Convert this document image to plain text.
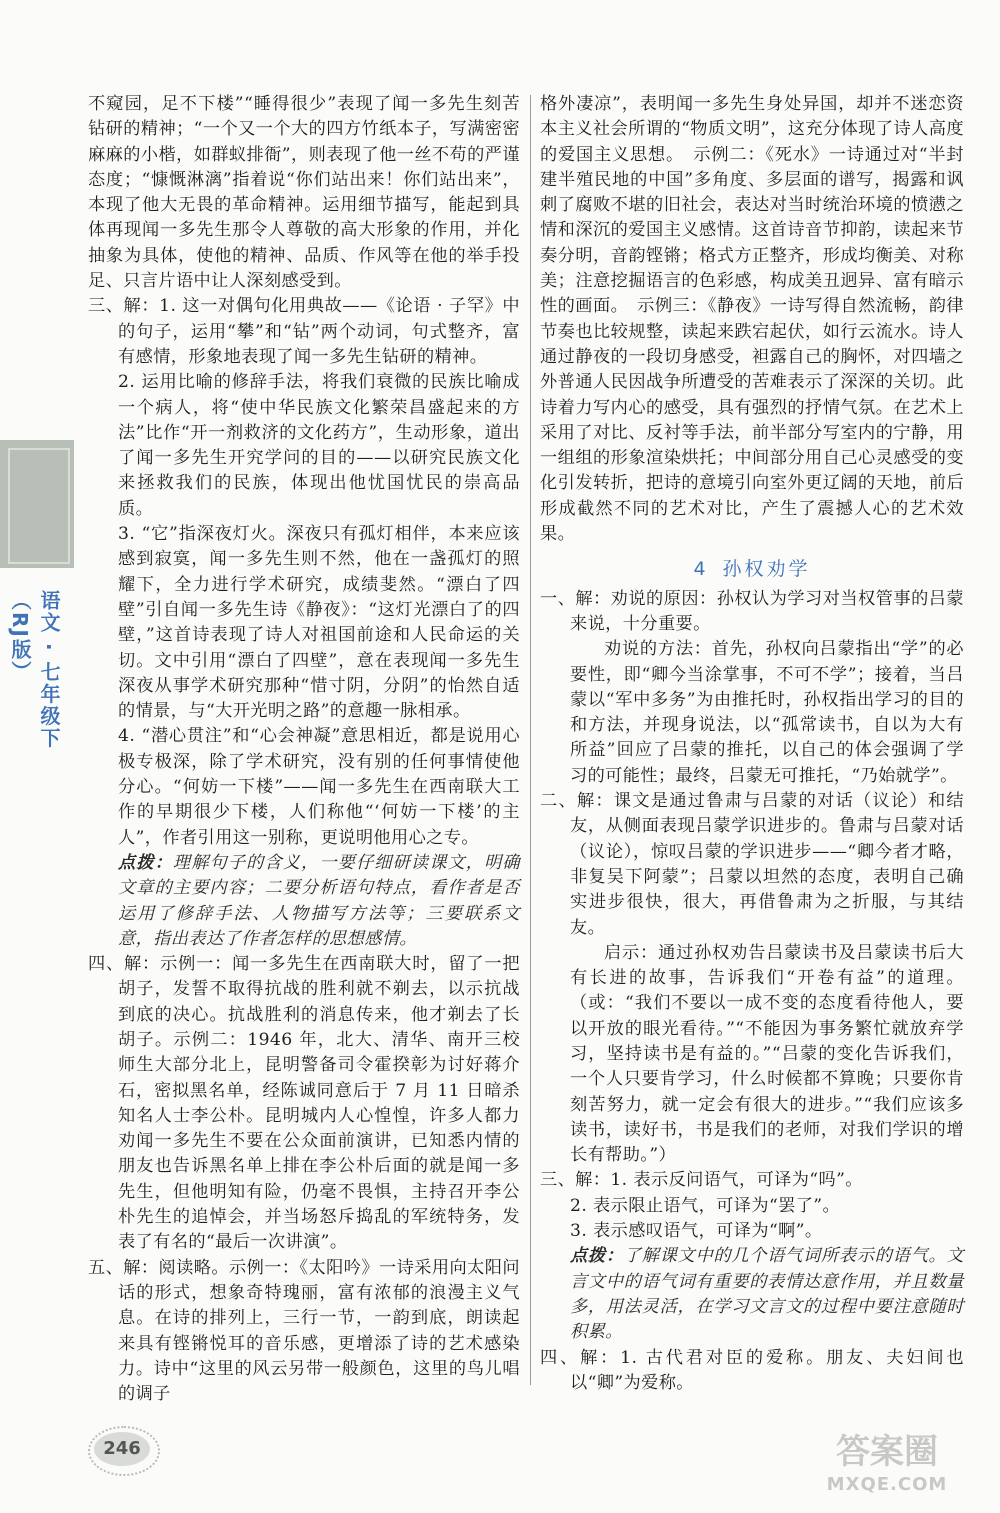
语文 · 七年级下（RJ版）

不窥园，足不下楼”“睡得很少”表现了闻一多先生刻苦钻研的精神；“一个又一个大的四方竹纸本子，写满密密麻麻的小楷，如群蚁排衙”，则表现了他一丝不苟的严谨态度；“慷慨淋漓”指着说“你们站出来！你们站出来”，本现了他大无畏的革命精神。运用细节描写，能起到具体再现闻一多先生那令人尊敬的高大形象的作用，并化抽象为具体，使他的精神、品质、作风等在他的举手投足、只言片语中让人深刻感受到。

三、解：1. 这一对偶句化用典故——《论语 · 子罕》中的句子，运用“攀”和“钻”两个动词，句式整齐，富有感情，形象地表现了闻一多先生钻研的精神。

2. 运用比喻的修辞手法，将我们衰微的民族比喻成一个病人，将“使中华民族文化繁荣昌盛起来的方法”比作“开一剂救济的文化药方”，生动形象，道出了闻一多先生开究学问的目的——以研究民族文化来拯救我们的民族，体现出他忧国忧民的崇高品质。

3. “它”指深夜灯火。深夜只有孤灯相伴，本来应该感到寂寞，闻一多先生则不然，他在一盏孤灯的照耀下，全力进行学术研究，成绩斐然。“漂白了四壁”引自闻一多先生诗《静夜》：“这灯光漂白了的四壁，”这首诗表现了诗人对祖国前途和人民命运的关切。文中引用“漂白了四壁”，意在表现闻一多先生深夜从事学术研究那种“惜寸阴，分阴”的怡然自适的情景，与“大开光明之路”的意趣一脉相承。

4. “潜心贯注”和“心会神凝”意思相近，都是说用心极专极深，除了学术研究，没有别的任何事情使他分心。“何妨一下楼”——闻一多先生在西南联大工作的早期很少下楼，人们称他“‘何妨一下楼’的主人”，作者引用这一别称，更说明他用心之专。

点拨：理解句子的含义，一要仔细研读课文，明确文章的主要内容；二要分析语句特点，看作者是否运用了修辞手法、人物描写方法等；三要联系文意，指出表达了作者怎样的思想感情。

四、解：示例一：闻一多先生在西南联大时，留了一把胡子，发誓不取得抗战的胜利就不剃去，以示抗战到底的决心。抗战胜利的消息传来，他才剃去了长胡子。示例二：1946 年，北大、清华、南开三校师生大部分北上，昆明警备司令霍揆彰为讨好蒋介石，密拟黑名单，经陈诚同意后于 7 月 11 日暗杀知名人士李公朴。昆明城内人心惶惶，许多人都力劝闻一多先生不要在公众面前演讲，已知悉内情的朋友也告诉黑名单上排在李公朴后面的就是闻一多先生，但他明知有险，仍毫不畏惧，主持召开李公朴先生的追悼会，并当场怒斥捣乱的军统特务，发表了有名的“最后一次讲演”。

五、解：阅读略。示例一：《太阳吟》一诗采用向太阳问话的形式，想象奇特瑰丽，富有浓郁的浪漫主义气息。在诗的排列上，三行一节，一韵到底，朗读起来具有铿锵悦耳的音乐感，更增添了诗的艺术感染力。诗中“这里的风云另带一般颜色，这里的鸟儿唱的调子

格外凄凉”，表明闻一多先生身处异国，却并不迷恋资本主义社会所谓的“物质文明”，这充分体现了诗人高度的爱国主义思想。　示例二：《死水》一诗通过对“半封建半殖民地的中国”多角度、多层面的谱写，揭露和讽刺了腐败不堪的旧社会，表达对当时统治环境的愤懑之情和深沉的爱国主义感情。这首诗音节抑韵，读起来节奏分明，音韵铿锵；格式方正整齐，形成均衡美、对称美；注意挖掘语言的色彩感，构成美丑迥异、富有暗示性的画面。　示例三：《静夜》一诗写得自然流畅，韵律节奏也比较规整，读起来跌宕起伏，如行云流水。诗人通过静夜的一段切身感受，袒露自己的胸怀，对四墙之外普通人民因战争所遭受的苦难表示了深深的关切。此诗着力写内心的感受，具有强烈的抒情气氛。在艺术上采用了对比、反衬等手法，前半部分写室内的宁静，用一组组的形象渲染烘托；中间部分用自己心灵感受的变化引发转折，把诗的意境引向室外更辽阔的天地，前后形成截然不同的艺术对比，产生了震撼人心的艺术效果。

4 孙权劝学

一、解：劝说的原因：孙权认为学习对当权管事的吕蒙来说，十分重要。

劝说的方法：首先，孙权向吕蒙指出“学”的必要性，即“卿今当涂掌事，不可不学”；接着，当吕蒙以“军中多务”为由推托时，孙权指出学习的目的和方法，并现身说法，以“孤常读书，自以为大有所益”回应了吕蒙的推托，以自己的体会强调了学习的可能性；最终，吕蒙无可推托，“乃始就学”。

二、解：课文是通过鲁肃与吕蒙的对话（议论）和结友，从侧面表现吕蒙学识进步的。鲁肃与吕蒙对话（议论），惊叹吕蒙的学识进步——“卿今者才略，非复吴下阿蒙”；吕蒙以坦然的态度，表明自己确实进步很快，很大，再借鲁肃为之折服，与其结友。

启示：通过孙权劝告吕蒙读书及吕蒙读书后大有长进的故事，告诉我们“开卷有益”的道理。（或：“我们不要以一成不变的态度看待他人，要以开放的眼光看待。”“不能因为事务繁忙就放弃学习，坚持读书是有益的。”“吕蒙的变化告诉我们，一个人只要肯学习，什么时候都不算晚；只要你肯刻苦努力，就一定会有很大的进步。”“我们应该多读书，读好书，书是我们的老师，对我们学识的增长有帮助。”）

三、解：1. 表示反问语气，可译为“吗”。

2. 表示限止语气，可译为“罢了”。

3. 表示感叹语气，可译为“啊”。

点拨：了解课文中的几个语气词所表示的语气。文言文中的语气词有重要的表情达意作用，并且数量多，用法灵活，在学习文言文的过程中要注意随时积累。

四、解：1. 古代君对臣的爱称。朋友、夫妇间也以“卿”为爱称。

246	答案圈
MXQE.COM
